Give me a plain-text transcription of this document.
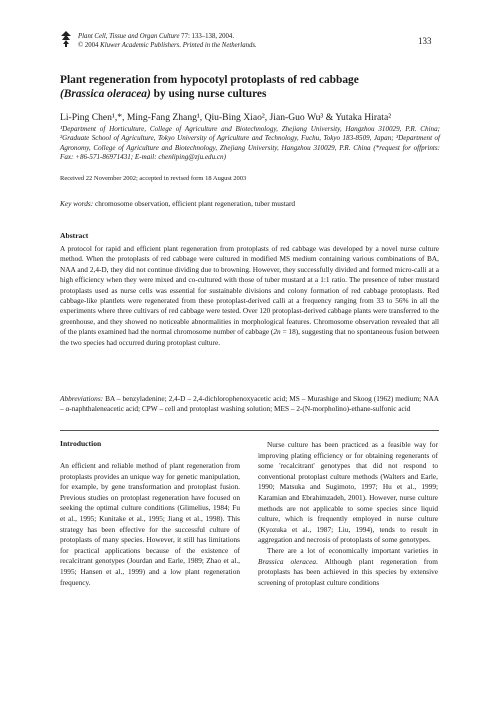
Plant Cell, Tissue and Organ Culture 77: 133–138, 2004.
© 2004 Kluwer Academic Publishers. Printed in the Netherlands.	133
Plant regeneration from hypocotyl protoplasts of red cabbage
(Brassica oleracea) by using nurse cultures
Li-Ping Chen¹,*, Ming-Fang Zhang¹, Qiu-Bing Xiao², Jian-Guo Wu³ & Yutaka Hirata²
¹Department of Horticulture, College of Agriculture and Biotechnology, Zhejiang University, Hangzhou 310029, P.R. China; ²Graduate School of Agriculture, Tokyo University of Agriculture and Technology, Fuchu, Tokyo 183-8509, Japan; ³Department of Agronomy, College of Agriculture and Biotechnology, Zhejiang University, Hangzhou 310029, P.R. China (*request for offprints: Fax: +86-571-86971431; E-mail: chenliping@zju.edu.cn)
Received 22 November 2002; accepted in revised form 18 August 2003
Key words: chromosome observation, efficient plant regeneration, tuber mustard
Abstract
A protocol for rapid and efficient plant regeneration from protoplasts of red cabbage was developed by a novel nurse culture method. When the protoplasts of red cabbage were cultured in modified MS medium containing various combinations of BA, NAA and 2,4-D, they did not continue dividing due to browning. However, they successfully divided and formed micro-calli at a high efficiency when they were mixed and co-cultured with those of tuber mustard at a 1:1 ratio. The presence of tuber mustard protoplasts used as nurse cells was essential for sustainable divisions and colony formation of red cabbage protoplasts. Red cabbage-like plantlets were regenerated from these protoplast-derived calli at a frequency ranging from 33 to 56% in all the experiments where three cultivars of red cabbage were tested. Over 120 protoplast-derived cabbage plants were transferred to the greenhouse, and they showed no noticeable abnormalities in morphological features. Chromosome observation revealed that all of the plants examined had the normal chromosome number of cabbage (2n = 18), suggesting that no spontaneous fusion between the two species had occurred during protoplast culture.
Abbreviations: BA – benzyladenine; 2,4-D – 2,4-dichlorophenoxyacetic acid; MS – Murashige and Skoog (1962) medium; NAA – α-naphthaleneacetic acid; CPW – cell and protoplast washing solution; MES – 2-(N-morpholino)-ethane-sulfonic acid
Introduction
An efficient and reliable method of plant regeneration from protoplasts provides an unique way for genetic manipulation, for example, by gene transformation and protoplast fusion. Previous studies on protoplast regeneration have focused on seeking the optimal culture conditions (Glimelius, 1984; Fu et al., 1995; Kunitake et al., 1995; Jiang et al., 1998). This strategy has been effective for the successful culture of protoplasts of many species. However, it still has limitations for practical applications because of the existence of recalcitrant genotypes (Jourdan and Earle, 1989; Zhao et al., 1995; Hansen et al., 1999) and a low plant regeneration frequency.
Nurse culture has been practiced as a feasible way for improving plating efficiency or for obtaining regenerants of some 'recalcitrant' genotypes that did not respond to conventional protoplast culture methods (Walters and Earle, 1990; Matsuka and Sugimoto, 1997; Hu et al., 1999; Karamian and Ebrahimzadeh, 2001). However, nurse culture methods are not applicable to some species since liquid culture, which is frequently employed in nurse culture (Kyozuka et al., 1987; Liu, 1994), tends to result in aggregation and necrosis of protoplasts of some genotypes.
There are a lot of economically important varieties in Brassica oleracea. Although plant regeneration from protoplasts has been achieved in this species by extensive screening of protoplast culture conditions
